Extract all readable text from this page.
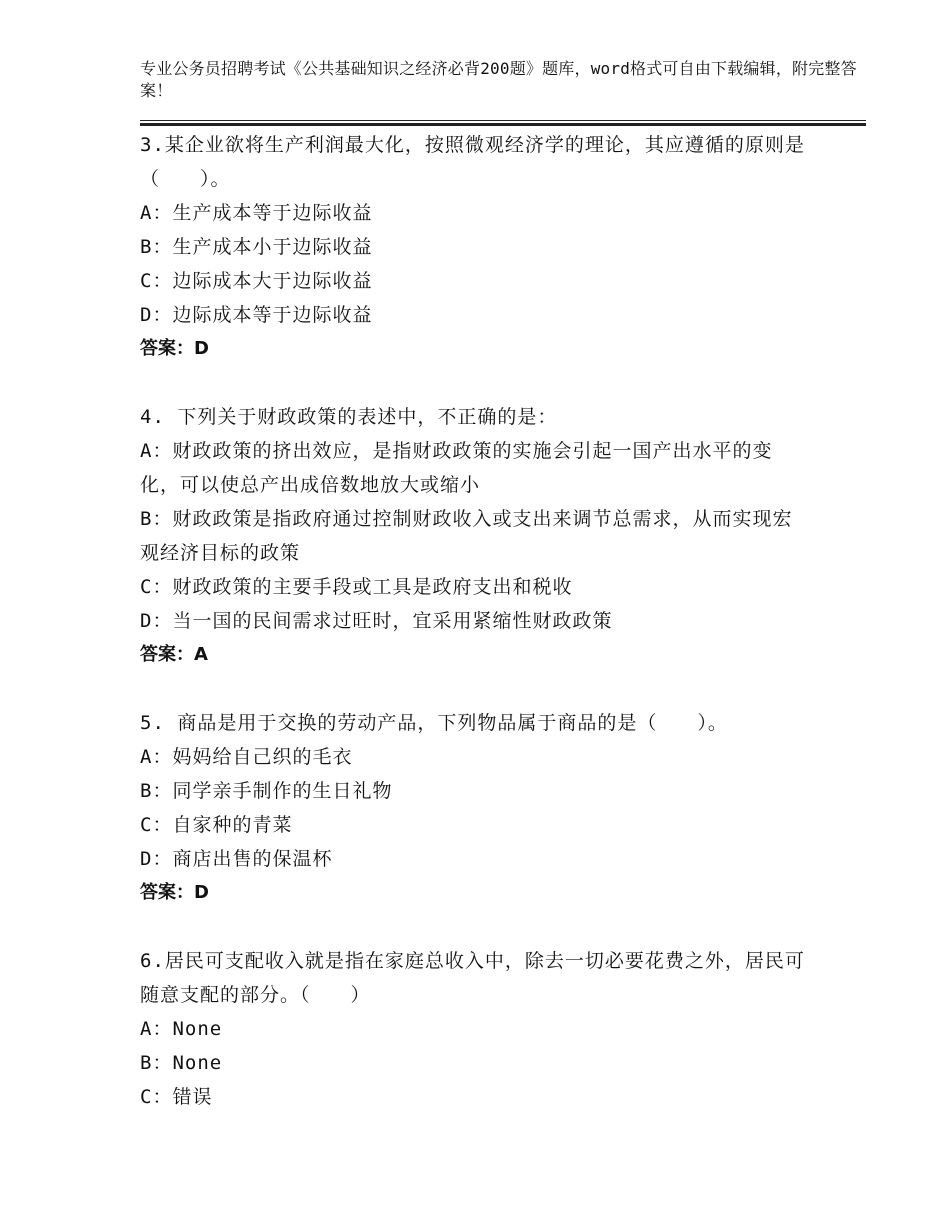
专业公务员招聘考试《公共基础知识之经济必背200题》题库，word格式可自由下载编辑，附完整答案！
3.某企业欲将生产利润最大化，按照微观经济学的理论，其应遵循的原则是（　　）。
A：生产成本等于边际收益
B：生产成本小于边际收益
C：边际成本大于边际收益
D：边际成本等于边际收益
答案：D
4. 下列关于财政政策的表述中，不正确的是：
A：财政政策的挤出效应，是指财政政策的实施会引起一国产出水平的变化，可以使总产出成倍数地放大或缩小
B：财政政策是指政府通过控制财政收入或支出来调节总需求，从而实现宏观经济目标的政策
C：财政政策的主要手段或工具是政府支出和税收
D：当一国的民间需求过旺时，宜采用紧缩性财政政策
答案：A
5. 商品是用于交换的劳动产品，下列物品属于商品的是（　　）。
A：妈妈给自己织的毛衣
B：同学亲手制作的生日礼物
C：自家种的青菜
D：商店出售的保温杯
答案：D
6.居民可支配收入就是指在家庭总收入中，除去一切必要花费之外，居民可随意支配的部分。（　　）
A：None
B：None
C：错误
